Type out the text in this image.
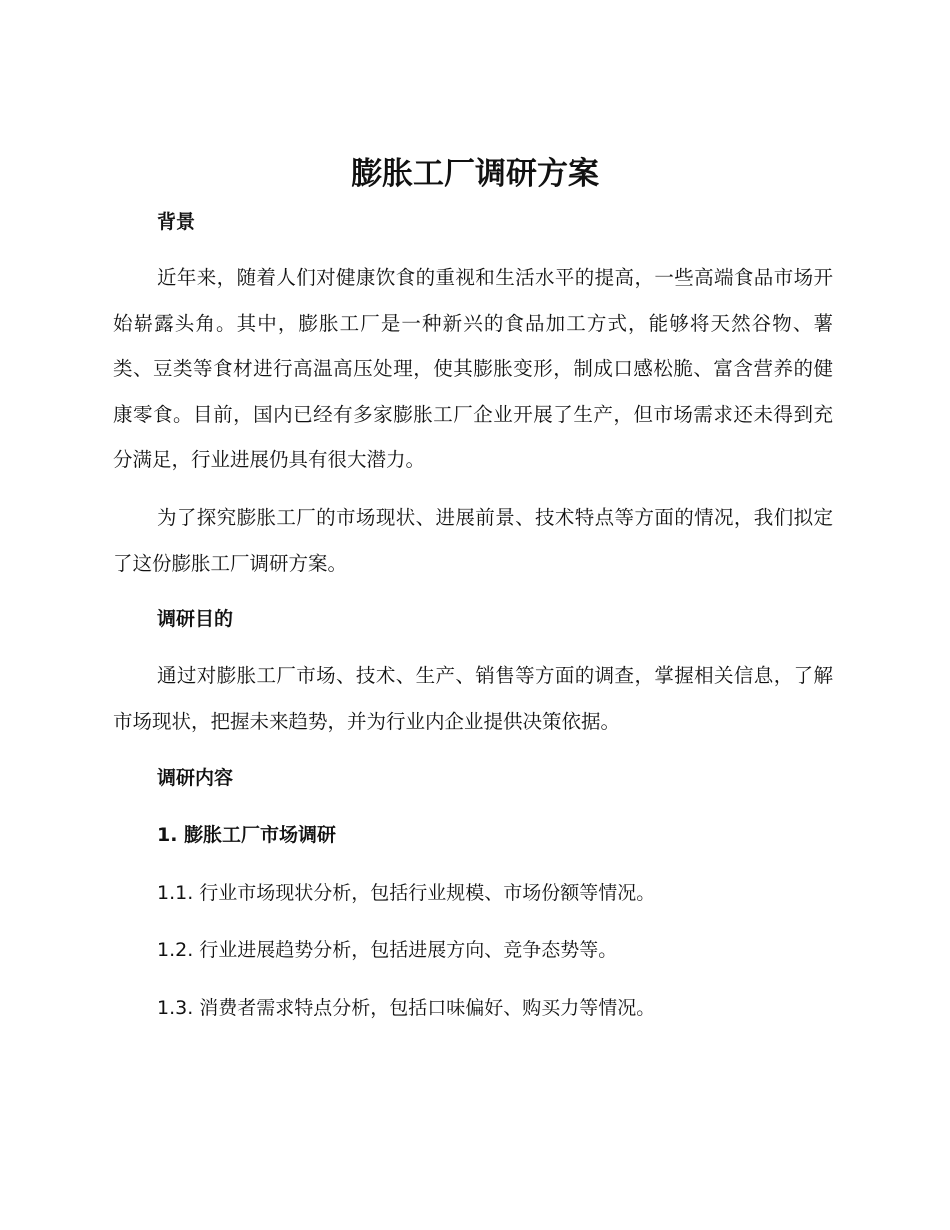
膨胀工厂调研方案
背景

近年来，随着人们对健康饮食的重视和生活水平的提高，一些高端食品市场开始崭露头角。其中，膨胀工厂是一种新兴的食品加工方式，能够将天然谷物、薯类、豆类等食材进行高温高压处理，使其膨胀变形，制成口感松脆、富含营养的健康零食。目前，国内已经有多家膨胀工厂企业开展了生产，但市场需求还未得到充分满足，行业进展仍具有很大潜力。

为了探究膨胀工厂的市场现状、进展前景、技术特点等方面的情况，我们拟定了这份膨胀工厂调研方案。

调研目的

通过对膨胀工厂市场、技术、生产、销售等方面的调查，掌握相关信息，了解市场现状，把握未来趋势，并为行业内企业提供决策依据。

调研内容

1. 膨胀工厂市场调研

1.1. 行业市场现状分析，包括行业规模、市场份额等情况。

1.2. 行业进展趋势分析，包括进展方向、竞争态势等。

1.3. 消费者需求特点分析，包括口味偏好、购买力等情况。
